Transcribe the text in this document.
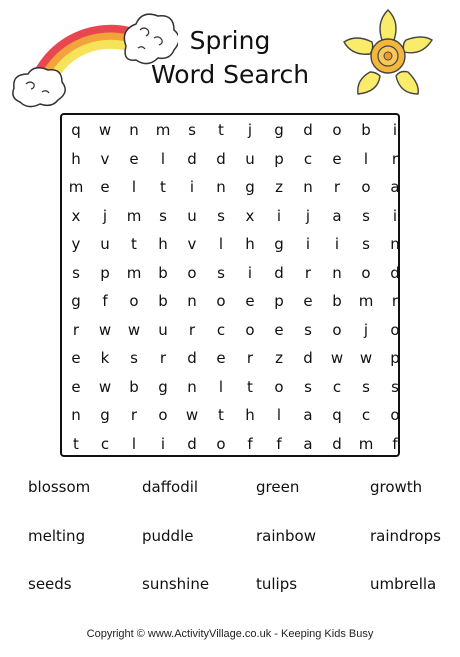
Spring
Word Search
q	w	n	m	s	t	j	g	d	o	b	i
h	v	e	l	d	d	u	p	c	e	l	r
m	e	l	t	i	n	g	z	n	r	o	a
x	j	m	s	u	s	x	i	j	a	s	i
y	u	t	h	v	l	h	g	i	i	s	n
s	p	m	b	o	s	i	d	r	n	o	d
g	f	o	b	n	o	e	p	e	b	m	r
r	w	w	u	r	c	o	e	s	o	j	o
e	k	s	r	d	e	r	z	d	w	w	p
e	w	b	g	n	l	t	o	s	c	s	s
n	g	r	o	w	t	h	l	a	q	c	o
t	c	l	i	d	o	f	f	a	d	m	f
blossom	daffodil	green	growth
melting	puddle	rainbow	raindrops
seeds	sunshine	tulips	umbrella
Copyright © www.ActivityVillage.co.uk - Keeping Kids Busy
